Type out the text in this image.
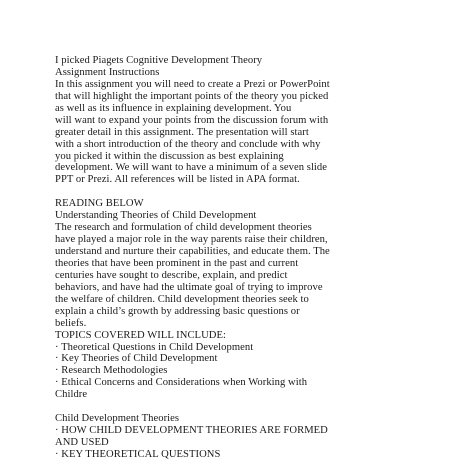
I picked Piagets Cognitive Development Theory
Assignment Instructions
In this assignment you will need to create a Prezi or PowerPoint
that will highlight the important points of the theory you picked
as well as its influence in explaining development. You
will want to expand your points from the discussion forum with
greater detail in this assignment. The presentation will start
with a short introduction of the theory and conclude with why
you picked it within the discussion as best explaining
development. We will want to have a minimum of a seven slide
PPT or Prezi. All references will be listed in APA format.
READING BELOW
Understanding Theories of Child Development
The research and formulation of child development theories
have played a major role in the way parents raise their children,
understand and nurture their capabilities, and educate them. The
theories that have been prominent in the past and current
centuries have sought to describe, explain, and predict
behaviors, and have had the ultimate goal of trying to improve
the welfare of children. Child development theories seek to
explain a child’s growth by addressing basic questions or
beliefs.
TOPICS COVERED WILL INCLUDE:
· Theoretical Questions in Child Development
· Key Theories of Child Development
· Research Methodologies
· Ethical Concerns and Considerations when Working with
Childre
Child Development Theories
· HOW CHILD DEVELOPMENT THEORIES ARE FORMED
AND USED
· KEY THEORETICAL QUESTIONS
